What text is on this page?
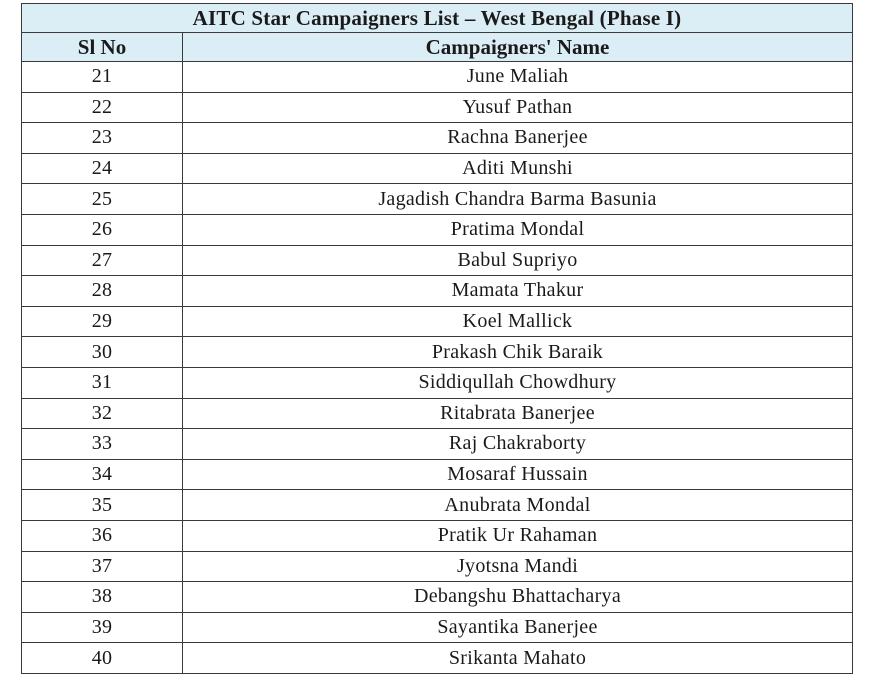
AITC Star Campaigners List – West Bengal (Phase I)	
Sl No	Campaigners' Name
21	June Maliah
22	Yusuf Pathan
23	Rachna Banerjee
24	Aditi Munshi
25	Jagadish Chandra Barma Basunia
26	Pratima Mondal
27	Babul Supriyo
28	Mamata Thakur
29	Koel Mallick
30	Prakash Chik Baraik
31	Siddiqullah Chowdhury
32	Ritabrata Banerjee
33	Raj Chakraborty
34	Mosaraf Hussain
35	Anubrata Mondal
36	Pratik Ur Rahaman
37	Jyotsna Mandi
38	Debangshu Bhattacharya
39	Sayantika Banerjee
40	Srikanta Mahato
